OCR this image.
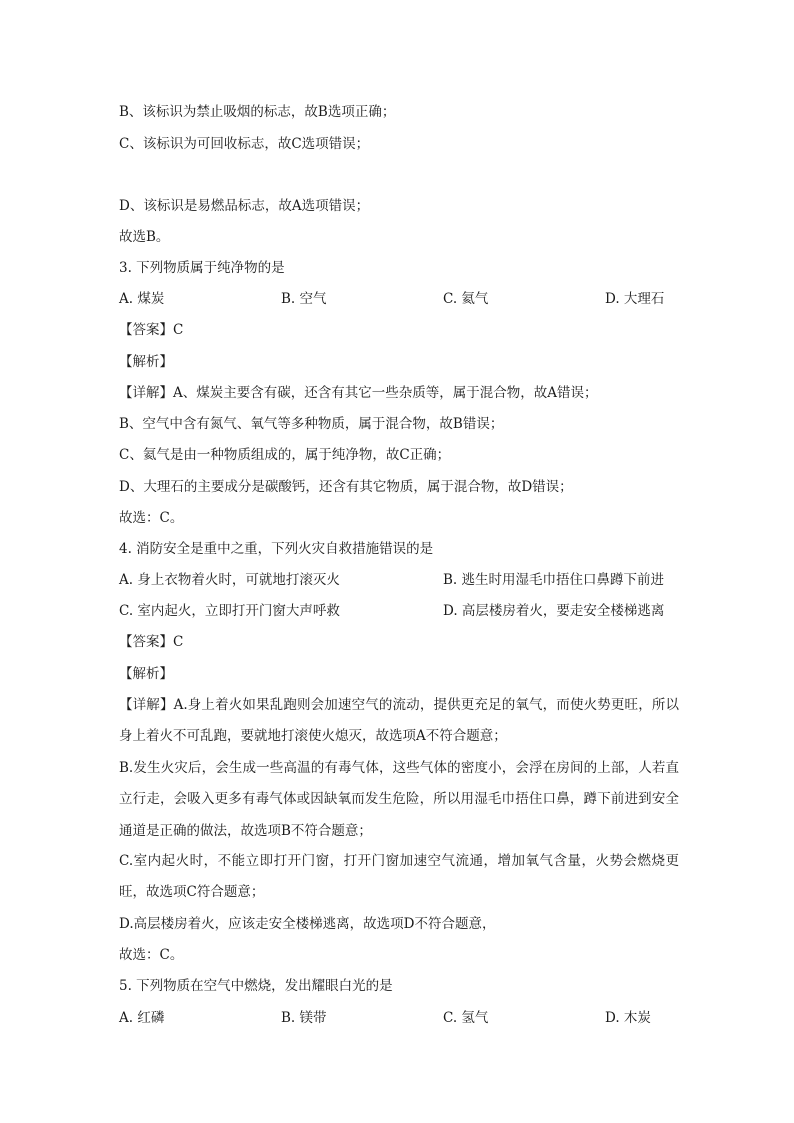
B、该标识为禁止吸烟的标志，故B选项正确；
C、该标识为可回收标志，故C选项错误；
D、该标识是易燃品标志，故A选项错误；
故选B。
3. 下列物质属于纯净物的是
A. 煤炭	B. 空气	C. 氦气	D. 大理石
【答案】C
【解析】
【详解】A、煤炭主要含有碳，还含有其它一些杂质等，属于混合物，故A错误；
B、空气中含有氮气、氧气等多种物质，属于混合物，故B错误；
C、氦气是由一种物质组成的，属于纯净物，故C正确；
D、大理石的主要成分是碳酸钙，还含有其它物质，属于混合物，故D错误；
故选：C。
4. 消防安全是重中之重，下列火灾自救措施错误的是
A. 身上衣物着火时，可就地打滚灭火	B. 逃生时用湿毛巾捂住口鼻蹲下前进
C. 室内起火，立即打开门窗大声呼救	D. 高层楼房着火，要走安全楼梯逃离
【答案】C
【解析】
【详解】A.身上着火如果乱跑则会加速空气的流动，提供更充足的氧气，而使火势更旺，所以身上着火不可乱跑，要就地打滚使火熄灭，故选项A不符合题意；
B.发生火灾后，会生成一些高温的有毒气体，这些气体的密度小，会浮在房间的上部，人若直立行走，会吸入更多有毒气体或因缺氧而发生危险，所以用湿毛巾捂住口鼻，蹲下前进到安全通道是正确的做法，故选项B不符合题意；
C.室内起火时，不能立即打开门窗，打开门窗加速空气流通，增加氧气含量，火势会燃烧更旺，故选项C符合题意；
D.高层楼房着火，应该走安全楼梯逃离，故选项D不符合题意，
故选：C。
5. 下列物质在空气中燃烧，发出耀眼白光的是
A. 红磷	B. 镁带	C. 氢气	D. 木炭
